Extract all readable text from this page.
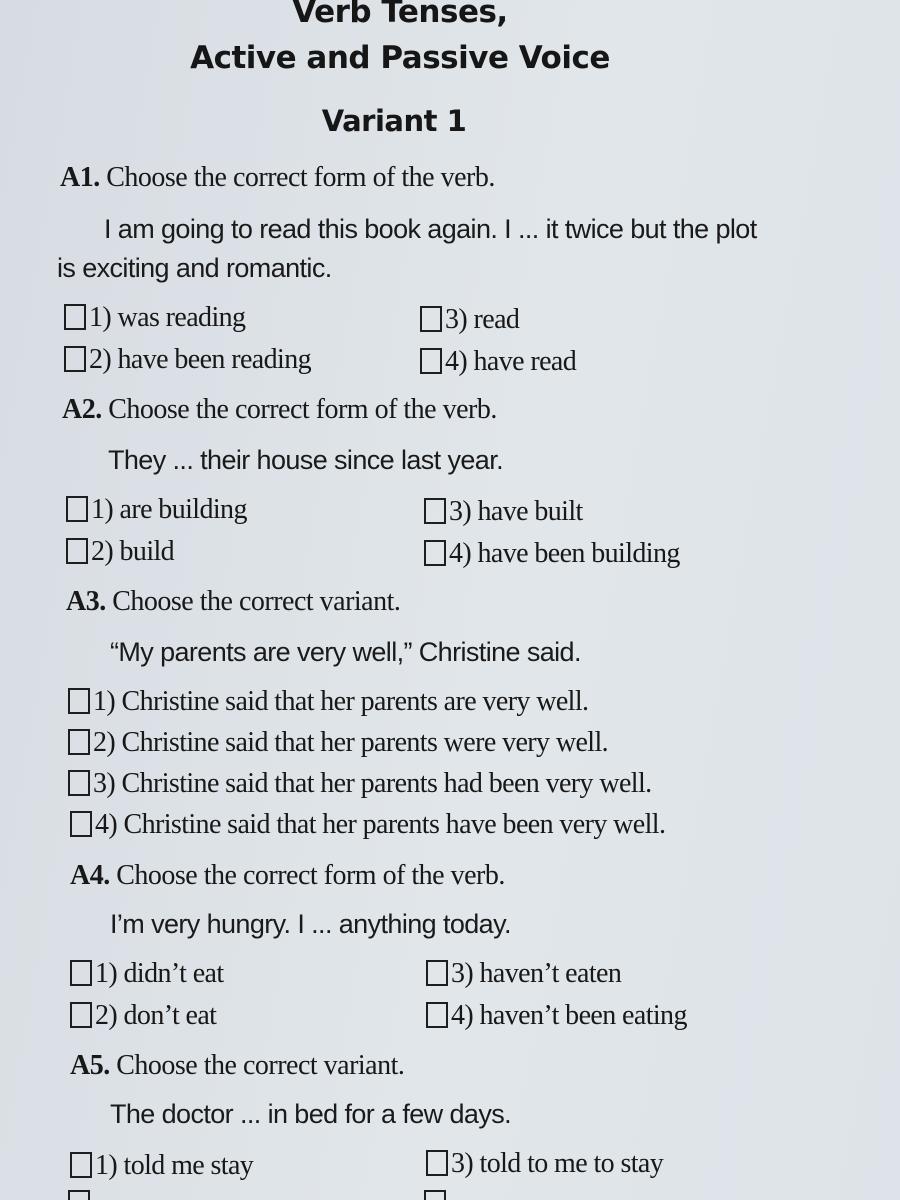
Verb Tenses,
Active and Passive Voice
Variant 1
A1. Choose the correct form of the verb.
I am going to read this book again. I ... it twice but the plot
is exciting and romantic.
1) was reading
2) have been reading
3) read
4) have read
A2. Choose the correct form of the verb.
They ... their house since last year.
1) are building
2) build
3) have built
4) have been building
A3. Choose the correct variant.
“My parents are very well,” Christine said.
1) Christine said that her parents are very well.
2) Christine said that her parents were very well.
3) Christine said that her parents had been very well.
4) Christine said that her parents have been very well.
A4. Choose the correct form of the verb.
I’m very hungry. I ... anything today.
1) didn’t eat
2) don’t eat
3) haven’t eaten
4) haven’t been eating
A5. Choose the correct variant.
The doctor ... in bed for a few days.
1) told me stay	3) told to me to stay
